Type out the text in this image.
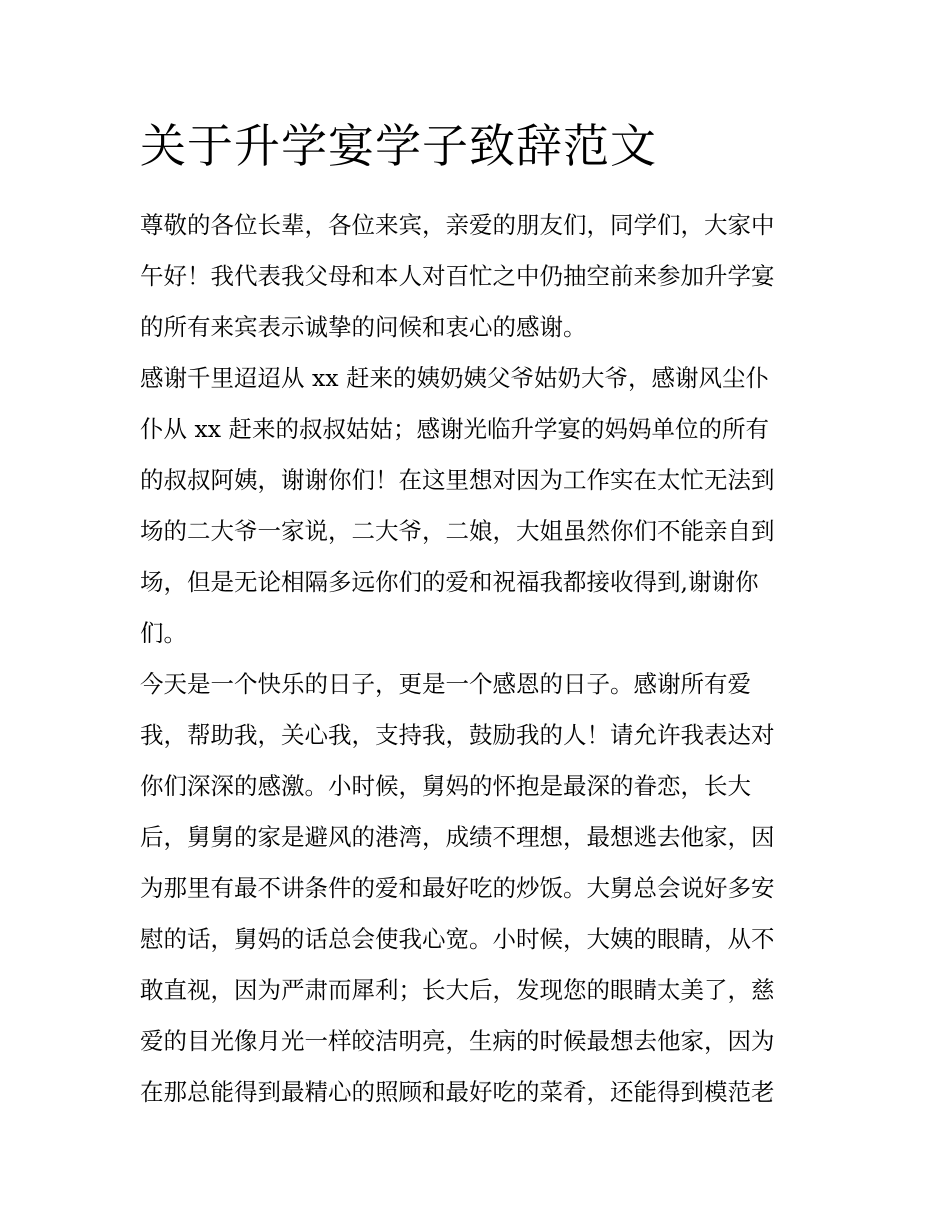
关于升学宴学子致辞范文
尊敬的各位长辈，各位来宾，亲爱的朋友们，同学们，大家中
午好！我代表我父母和本人对百忙之中仍抽空前来参加升学宴
的所有来宾表示诚挚的问候和衷心的感谢。
感谢千里迢迢从 xx 赶来的姨奶姨父爷姑奶大爷，感谢风尘仆
仆从 xx 赶来的叔叔姑姑；感谢光临升学宴的妈妈单位的所有
的叔叔阿姨，谢谢你们！在这里想对因为工作实在太忙无法到
场的二大爷一家说，二大爷，二娘，大姐虽然你们不能亲自到
场，但是无论相隔多远你们的爱和祝福我都接收得到,谢谢你
们。
今天是一个快乐的日子，更是一个感恩的日子。感谢所有爱
我，帮助我，关心我，支持我，鼓励我的人！请允许我表达对
你们深深的感激。小时候，舅妈的怀抱是最深的眷恋，长大
后，舅舅的家是避风的港湾，成绩不理想，最想逃去他家，因
为那里有最不讲条件的爱和最好吃的炒饭。大舅总会说好多安
慰的话，舅妈的话总会使我心宽。小时候，大姨的眼睛，从不
敢直视，因为严肃而犀利；长大后，发现您的眼睛太美了，慈
爱的目光像月光一样皎洁明亮，生病的时候最想去他家，因为
在那总能得到最精心的照顾和最好吃的菜肴，还能得到模范老
